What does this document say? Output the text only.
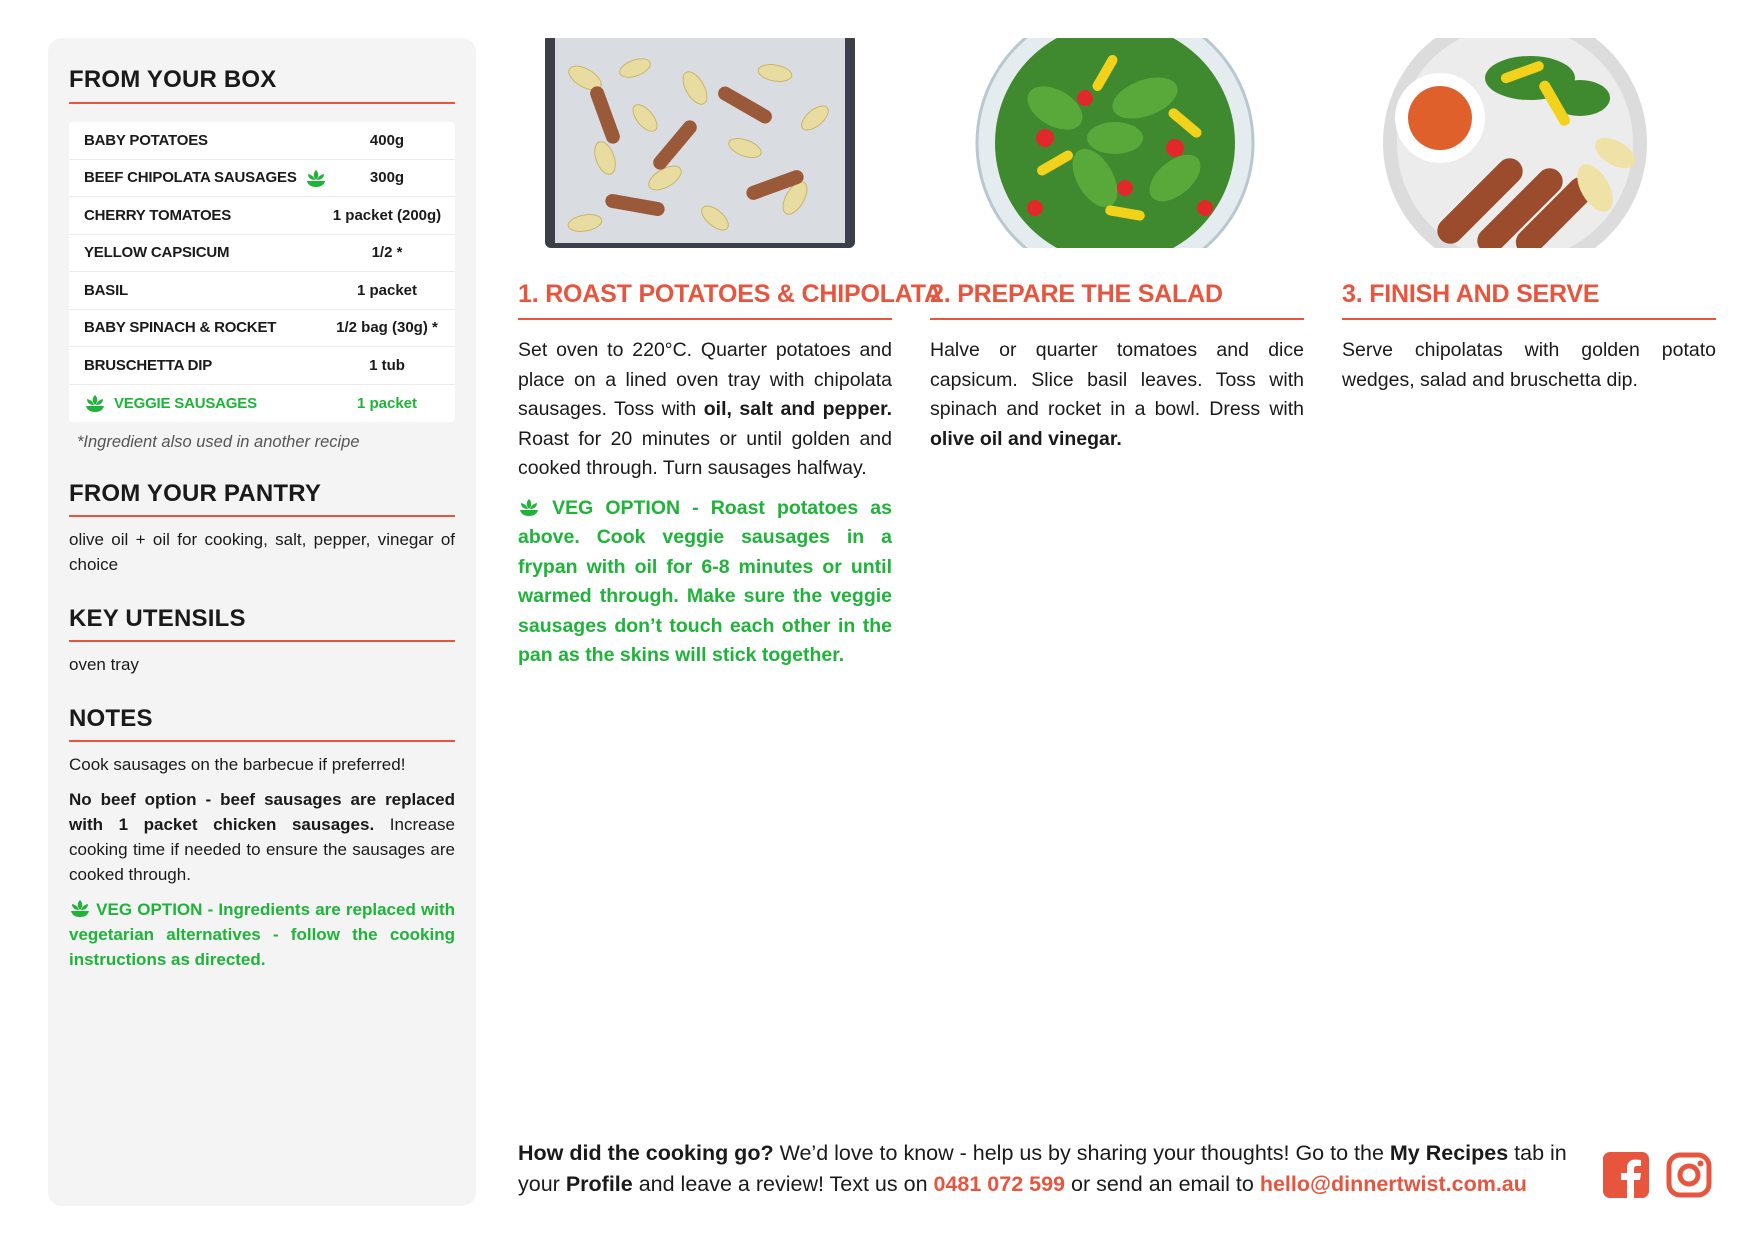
FROM YOUR BOX
BABY POTATOES	400g
BEEF CHIPOLATA SAUSAGES	300g
CHERRY TOMATOES	1 packet (200g)
YELLOW CAPSICUM	1/2 *
BASIL	1 packet
BABY SPINACH & ROCKET	1/2 bag (30g) *
BRUSCHETTA DIP	1 tub
VEGGIE SAUSAGES	1 packet
*Ingredient also used in another recipe
FROM YOUR PANTRY
olive oil + oil for cooking, salt, pepper, vinegar of choice
KEY UTENSILS
oven tray
NOTES

Cook sausages on the barbecue if preferred!

No beef option - beef sausages are replaced with 1 packet chicken sausages. Increase cooking time if needed to ensure the sausages are cooked through.

VEG OPTION - Ingredients are replaced with vegetarian alternatives - follow the cooking instructions as directed.

1. ROAST POTATOES & CHIPOLATA
Set oven to 220°C. Quarter potatoes and place on a lined oven tray with chipolata sausages. Toss with oil, salt and pepper. Roast for 20 minutes or until golden and cooked through. Turn sausages halfway.
VEG OPTION - Roast potatoes as above. Cook veggie sausages in a frypan with oil for 6-8 minutes or until warmed through. Make sure the veggie sausages don’t touch each other in the pan as the skins will stick together.
2. PREPARE THE SALAD
Halve or quarter tomatoes and dice capsicum. Slice basil leaves. Toss with spinach and rocket in a bowl. Dress with olive oil and vinegar.
3. FINISH AND SERVE
Serve chipolatas with golden potato wedges, salad and bruschetta dip.
How did the cooking go? We’d love to know - help us by sharing your thoughts! Go to the My Recipes tab in your Profile and leave a review! Text us on 0481 072 599 or send an email to hello@dinnertwist.com.au
